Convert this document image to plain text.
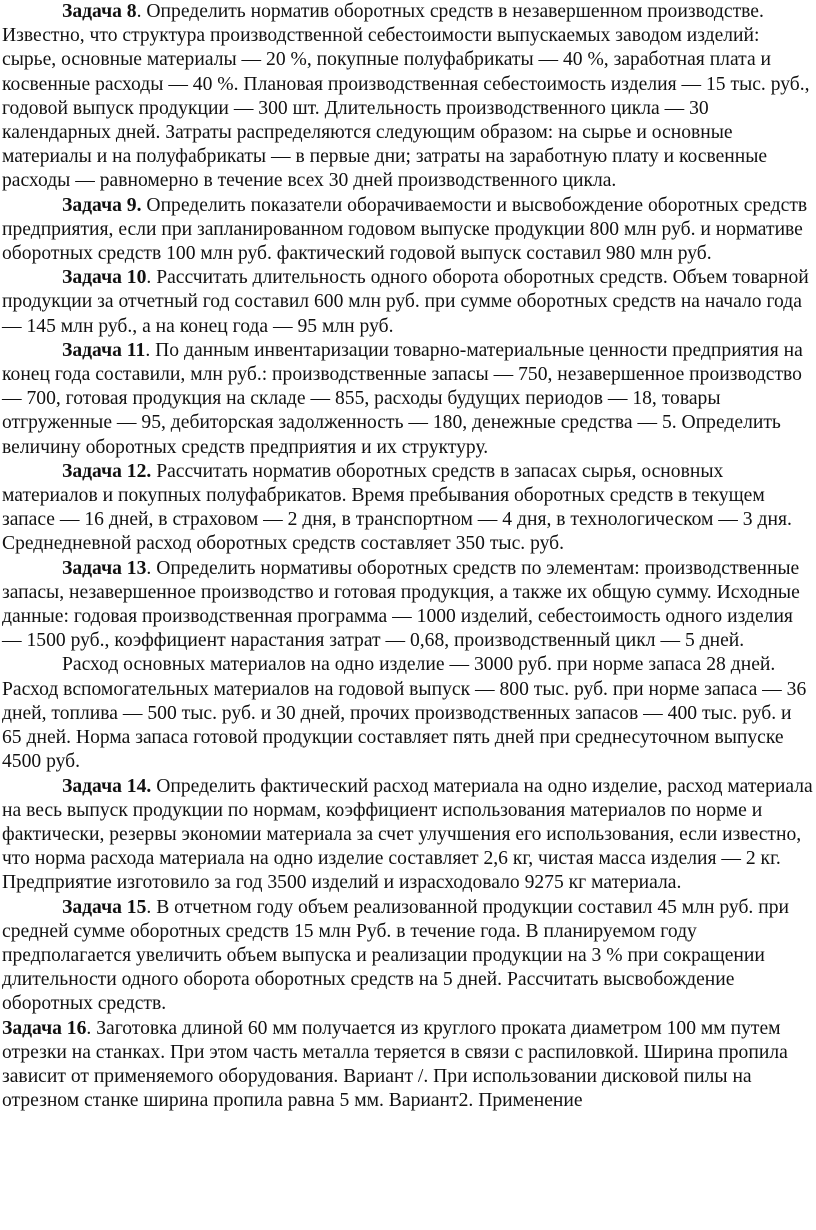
Задача 8. Определить норматив оборотных средств в незавершенном производстве. Известно, что структура производственной себестоимости выпускаемых заводом изделий: сырье, основные материалы — 20 %, покупные полуфабрикаты — 40 %, заработная плата и косвенные расходы — 40 %. Плановая производственная себестоимость изделия — 15 тыс. руб., годовой выпуск продукции — 300 шт. Длительность производственного цикла — 30 календарных дней. Затраты распределяются следующим образом: на сырье и основные материалы и на полуфабрикаты — в первые дни; затраты на заработную плату и косвенные расходы — равномерно в течение всех 30 дней производственного цикла.

Задача 9. Определить показатели оборачиваемости и высвобождение оборотных средств предприятия, если при запланированном годовом выпуске продукции 800 млн руб. и нормативе оборотных средств 100 млн руб. фактический годовой выпуск составил 980 млн руб.

Задача 10. Рассчитать длительность одного оборота оборотных средств. Объем товарной продукции за отчетный год составил 600 млн руб. при сумме оборотных средств на начало года — 145 млн руб., а на конец года — 95 млн руб.

Задача 11. По данным инвентаризации товарно-материальные ценности предприятия на конец года составили, млн руб.: производственные запасы — 750, незавершенное производство — 700, готовая продукция на складе — 855, расходы будущих периодов — 18, товары отгруженные — 95, дебиторская задолженность — 180, денежные средства — 5. Определить величину оборотных средств предприятия и их структуру.

Задача 12. Рассчитать норматив оборотных средств в запасах сырья, основных материалов и покупных полуфабрикатов. Время пребывания оборотных средств в текущем запасе — 16 дней, в страховом — 2 дня, в транспортном — 4 дня, в технологическом — 3 дня. Среднедневной расход оборотных средств составляет 350 тыс. руб.

Задача 13. Определить нормативы оборотных средств по элементам: производственные запасы, незавершенное производство и готовая продукция, а также их общую сумму. Исходные данные: годовая производственная программа — 1000 изделий, себестоимость одного изделия — 1500 руб., коэффициент нарастания затрат — 0,68, производственный цикл — 5 дней.

Расход основных материалов на одно изделие — 3000 руб. при норме запаса 28 дней. Расход вспомогательных материалов на годовой выпуск — 800 тыс. руб. при норме запаса — 36 дней, топлива — 500 тыс. руб. и 30 дней, прочих производственных запасов — 400 тыс. руб. и 65 дней. Норма запаса готовой продукции составляет пять дней при среднесуточном выпуске 4500 руб.

Задача 14. Определить фактический расход материала на одно изделие, расход материала на весь выпуск продукции по нормам, коэффициент использования материалов по норме и фактически, резервы экономии материала за счет улучшения его использования, если известно, что норма расхода материала на одно изделие составляет 2,6 кг, чистая масса изделия — 2 кг. Предприятие изготовило за год 3500 изделий и израсходовало 9275 кг материала.

Задача 15. В отчетном году объем реализованной продукции составил 45 млн руб. при средней сумме оборотных средств 15 млн Руб. в течение года. В планируемом году предполагается увеличить объем выпуска и реализации продукции на 3 % при сокращении длительности одного оборота оборотных средств на 5 дней. Рассчитать высвобождение оборотных средств.

Задача 16. Заготовка длиной 60 мм получается из круглого проката диаметром 100 мм путем отрезки на станках. При этом часть металла теряется в связи с распиловкой. Ширина пропила зависит от применяемого оборудования. Вариант /. При использовании дисковой пилы на отрезном станке ширина пропила равна 5 мм. Вариант2. Применение
